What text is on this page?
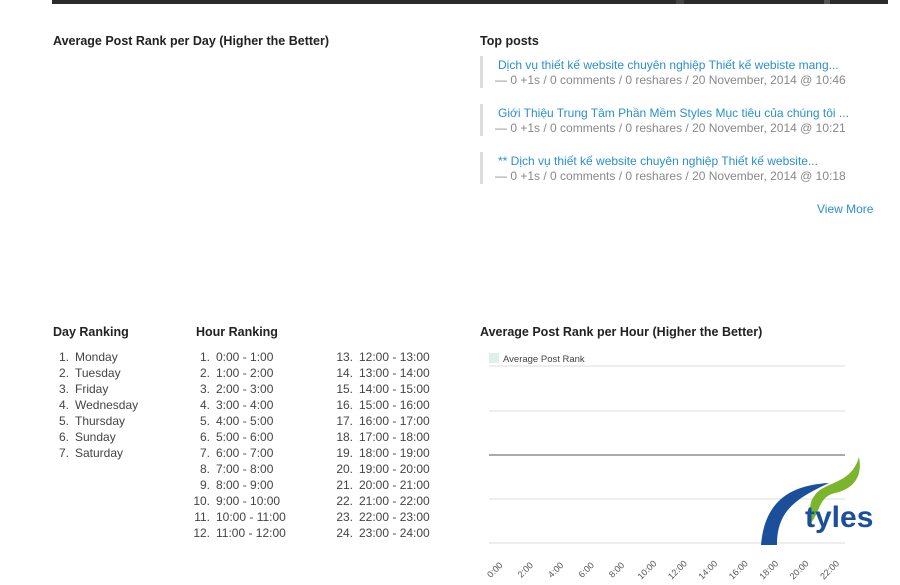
Average Post Rank per Day (Higher the Better)	Top posts
Dịch vụ thiết kế website chuyên nghiệp Thiết kế webiste mang...
— 0 +1s / 0 comments / 0 reshares / 20 November, 2014 @ 10:46
Giới Thiệu Trung Tâm Phần Mềm Styles Mục tiêu của chúng tôi ...
— 0 +1s / 0 comments / 0 reshares / 20 November, 2014 @ 10:21
** Dịch vụ thiết kế website chuyên nghiệp Thiết kế website...
— 0 +1s / 0 comments / 0 reshares / 20 November, 2014 @ 10:18
View More
Day Ranking
1. Monday
2. Tuesday
3. Friday
4. Wednesday
5. Thursday
6. Sunday
7. Saturday
Hour Ranking
1. 0:00 - 1:00
2. 1:00 - 2:00
3. 2:00 - 3:00
4. 3:00 - 4:00
5. 4:00 - 5:00
6. 5:00 - 6:00
7. 6:00 - 7:00
8. 7:00 - 8:00
9. 8:00 - 9:00
10. 9:00 - 10:00
11. 10:00 - 11:00
12. 11:00 - 12:00
13. 12:00 - 13:00
14. 13:00 - 14:00
15. 14:00 - 15:00
16. 15:00 - 16:00
17. 16:00 - 17:00
18. 17:00 - 18:00
19. 18:00 - 19:00
20. 19:00 - 20:00
21. 20:00 - 21:00
22. 21:00 - 22:00
23. 22:00 - 23:00
24. 23:00 - 24:00
Average Post Rank per Hour (Higher the Better)
Average Post Rank
0:00 2:00 4:00 6:00 8:00 10:00 12:00 14:00 16:00 18:00 20:00 22:00
tyles
